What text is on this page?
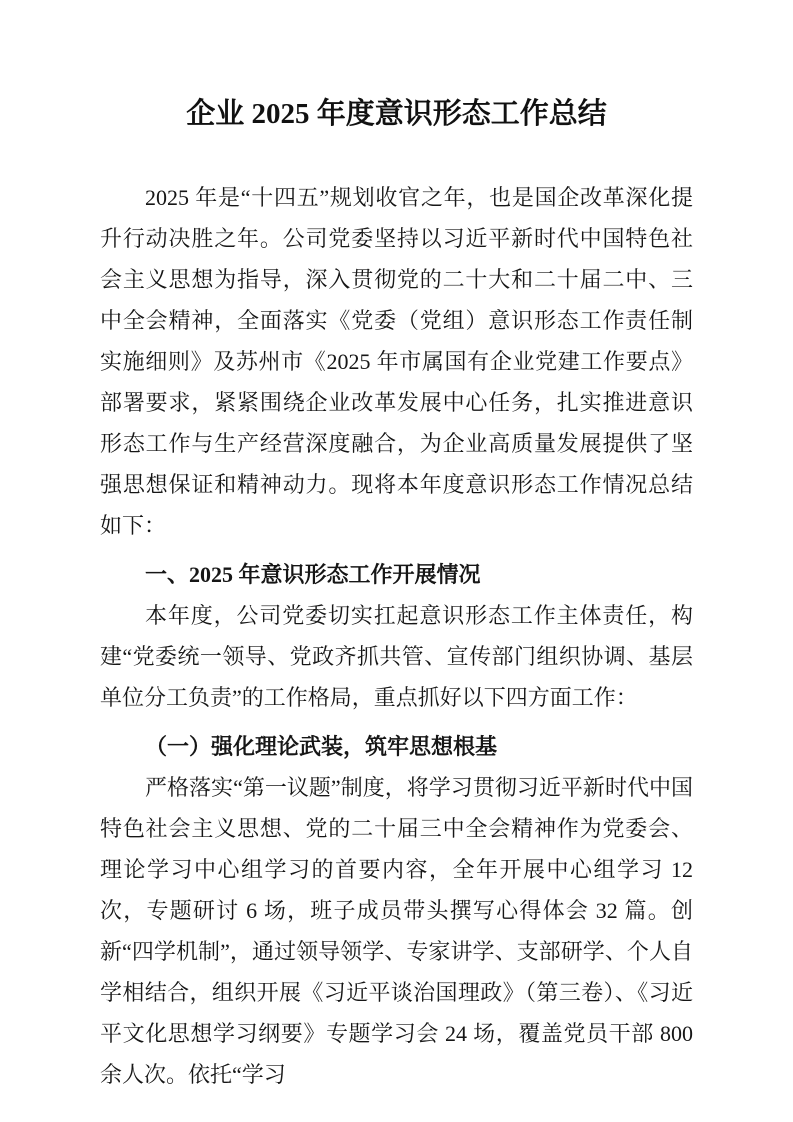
企业 2025 年度意识形态工作总结

2025 年是“十四五”规划收官之年，也是国企改革深化提升行动决胜之年。公司党委坚持以习近平新时代中国特色社会主义思想为指导，深入贯彻党的二十大和二十届二中、三中全会精神，全面落实《党委（党组）意识形态工作责任制实施细则》及苏州市《2025 年市属国有企业党建工作要点》部署要求，紧紧围绕企业改革发展中心任务，扎实推进意识形态工作与生产经营深度融合，为企业高质量发展提供了坚强思想保证和精神动力。现将本年度意识形态工作情况总结如下：

一、2025 年意识形态工作开展情况

本年度，公司党委切实扛起意识形态工作主体责任，构建“党委统一领导、党政齐抓共管、宣传部门组织协调、基层单位分工负责”的工作格局，重点抓好以下四方面工作：

（一）强化理论武装，筑牢思想根基

严格落实“第一议题”制度，将学习贯彻习近平新时代中国特色社会主义思想、党的二十届三中全会精神作为党委会、理论学习中心组学习的首要内容，全年开展中心组学习 12 次，专题研讨 6 场，班子成员带头撰写心得体会 32 篇。创新“四学机制”，通过领导领学、专家讲学、支部研学、个人自学相结合，组织开展《习近平谈治国理政》（第三卷）、《习近平文化思想学习纲要》专题学习会 24 场，覆盖党员干部 800 余人次。依托“学习
